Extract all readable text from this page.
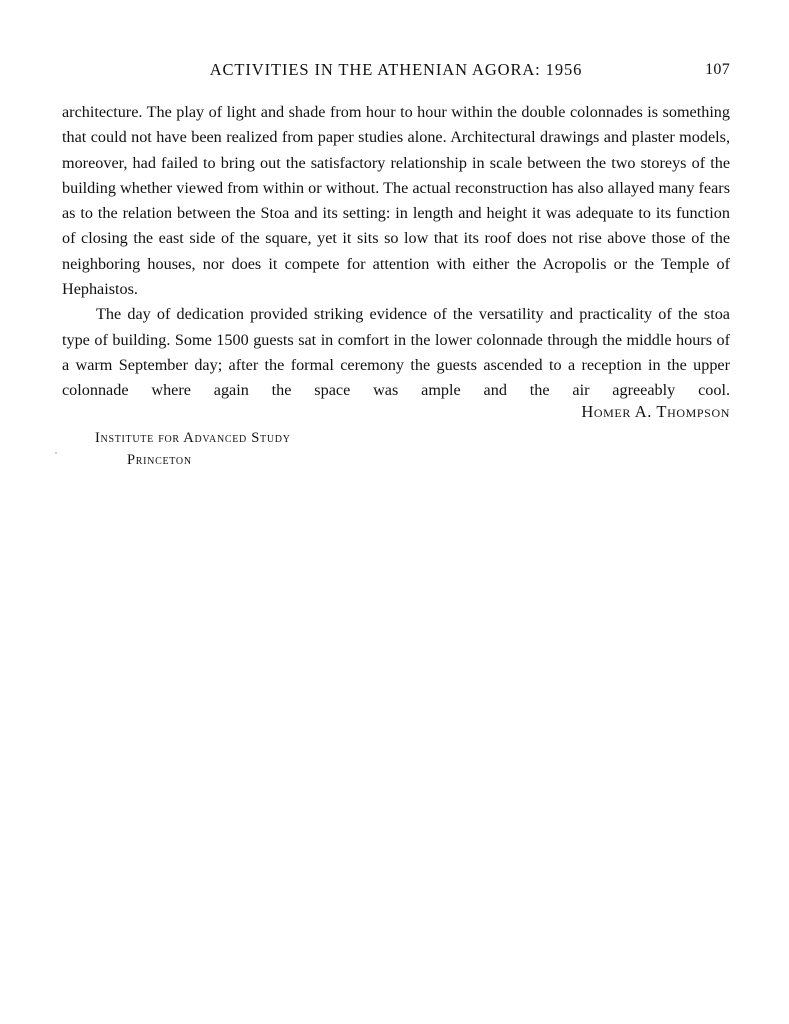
ACTIVITIES IN THE ATHENIAN AGORA: 1956	107

architecture. The play of light and shade from hour to hour within the double colonnades is something that could not have been realized from paper studies alone. Architectural drawings and plaster models, moreover, had failed to bring out the satisfactory relationship in scale between the two storeys of the building whether viewed from within or without. The actual reconstruction has also allayed many fears as to the relation between the Stoa and its setting: in length and height it was adequate to its function of closing the east side of the square, yet it sits so low that its roof does not rise above those of the neighboring houses, nor does it compete for attention with either the Acropolis or the Temple of Hephaistos.

The day of dedication provided striking evidence of the versatility and practicality of the stoa type of building. Some 1500 guests sat in comfort in the lower colonnade through the middle hours of a warm September day; after the formal ceremony the guests ascended to a reception in the upper colonnade where again the space was ample and the air agreeably cool.

Homer A. Thompson
Institute for Advanced Study
Princeton
